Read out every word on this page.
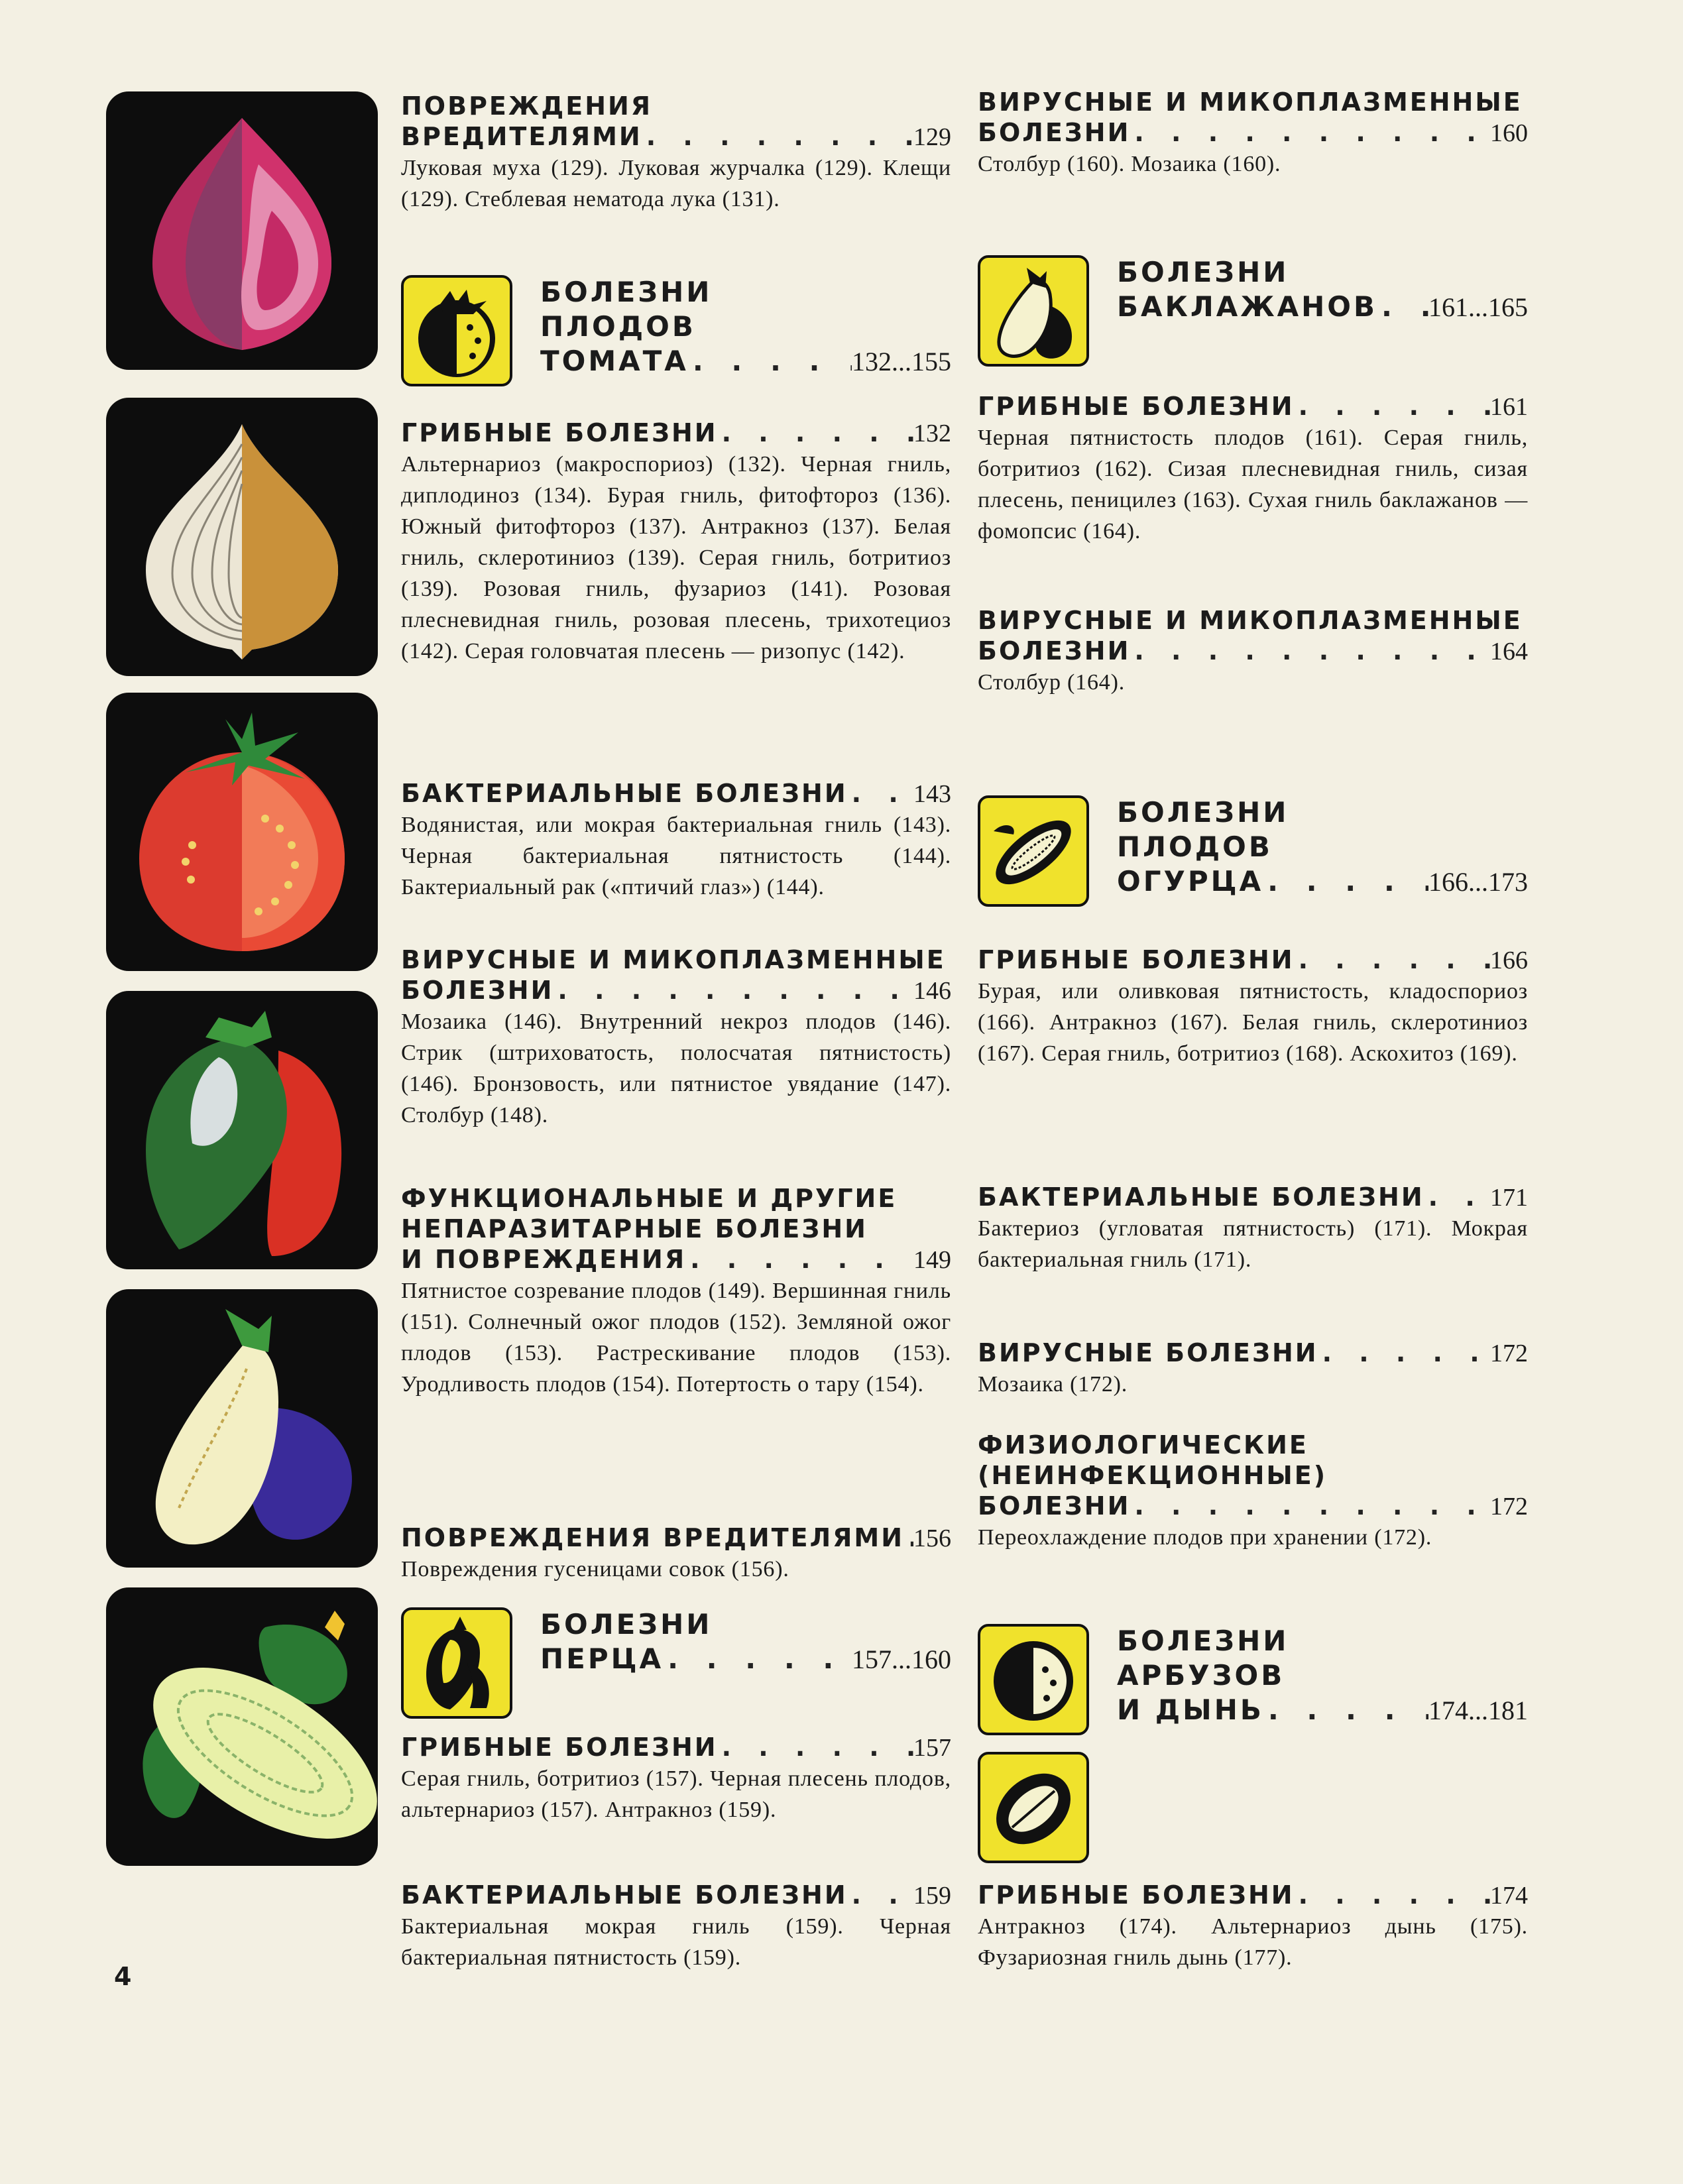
ПОВРЕЖДЕНИЯ
ВРЕДИТЕЛЯМИ . . .	129
Луковая муха (129). Луковая журчалка (129). Клещи (129). Стеблевая нематода лука (131).
БОЛЕЗНИ
ПЛОДОВ
ТОМАТА . . .	132...155
ГРИБНЫЕ БОЛЕЗНИ . . .	132
Альтернариоз (макроспориоз) (132). Черная гниль, диплодиноз (134). Бурая гниль, фитофтороз (136). Южный фитофтороз (137). Антракноз (137). Белая гниль, склеротиниоз (139). Серая гниль, ботритиоз (139). Розовая гниль, фузариоз (141). Розовая плесневидная гниль, розовая плесень, трихотециоз (142). Серая головчатая плесень — ризопус (142).
БАКТЕРИАЛЬНЫЕ БОЛЕЗНИ . . .	143
Водянистая, или мокрая бактериальная гниль (143). Черная бактериальная пятнистость (144). Бактериальный рак («птичий глаз») (144).
ВИРУСНЫЕ И МИКОПЛАЗМЕННЫЕ
БОЛЕЗНИ . . .	146
Мозаика (146). Внутренний некроз плодов (146). Стрик (штриховатость, полосчатая пятнистость) (146). Бронзовость, или пятнистое увядание (147). Столбур (148).
ФУНКЦИОНАЛЬНЫЕ И ДРУГИЕ
НЕПАРАЗИТАРНЫЕ БОЛЕЗНИ
И ПОВРЕЖДЕНИЯ . . .	149
Пятнистое созревание плодов (149). Вершинная гниль (151). Солнечный ожог плодов (152). Земляной ожог плодов (153). Растрескивание плодов (153). Уродливость плодов (154). Потертость о тару (154).
ПОВРЕЖДЕНИЯ ВРЕДИТЕЛЯМИ . . . 156
Повреждения гусеницами совок (156).
БОЛЕЗНИ
ПЕРЦА . . .	157...160
ГРИБНЫЕ БОЛЕЗНИ . . .	157
Серая гниль, ботритиоз (157). Черная плесень плодов, альтернариоз (157). Антракноз (159).
БАКТЕРИАЛЬНЫЕ БОЛЕЗНИ . . .	159
Бактериальная мокрая гниль (159). Черная бактериальная пятнистость (159).
ВИРУСНЫЕ И МИКОПЛАЗМЕННЫЕ
БОЛЕЗНИ . . .	160
Столбур (160). Мозаика (160).
БОЛЕЗНИ
БАКЛАЖАНОВ . . . 161...165
ГРИБНЫЕ БОЛЕЗНИ . . .	161
Черная пятнистость плодов (161). Серая гниль, ботритиоз (162). Сизая плесневидная гниль, сизая плесень, пеницилез (163). Сухая гниль баклажанов — фомопсис (164).
ВИРУСНЫЕ И МИКОПЛАЗМЕННЫЕ
БОЛЕЗНИ . . .	164
Столбур (164).
БОЛЕЗНИ
ПЛОДОВ
ОГУРЦА . . .	166...173
ГРИБНЫЕ БОЛЕЗНИ . . .	166
Бурая, или оливковая пятнистость, кладоспориоз (166). Антракноз (167). Белая гниль, склеротиниоз (167). Серая гниль, ботритиоз (168). Аскохитоз (169).
БАКТЕРИАЛЬНЫЕ БОЛЕЗНИ . . .	171
Бактериоз (угловатая пятнистость) (171). Мокрая бактериальная гниль (171).
ВИРУСНЫЕ БОЛЕЗНИ . . .	172
Мозаика (172).
ФИЗИОЛОГИЧЕСКИЕ
(НЕИНФЕКЦИОННЫЕ)
БОЛЕЗНИ . . .	172
Переохлаждение плодов при хранении (172).
БОЛЕЗНИ
АРБУЗОВ
И ДЫНЬ . . .	174...181
ГРИБНЫЕ БОЛЕЗНИ . . .	174
Антракноз (174). Альтернариоз дынь (175). Фузариозная гниль дынь (177).
4
